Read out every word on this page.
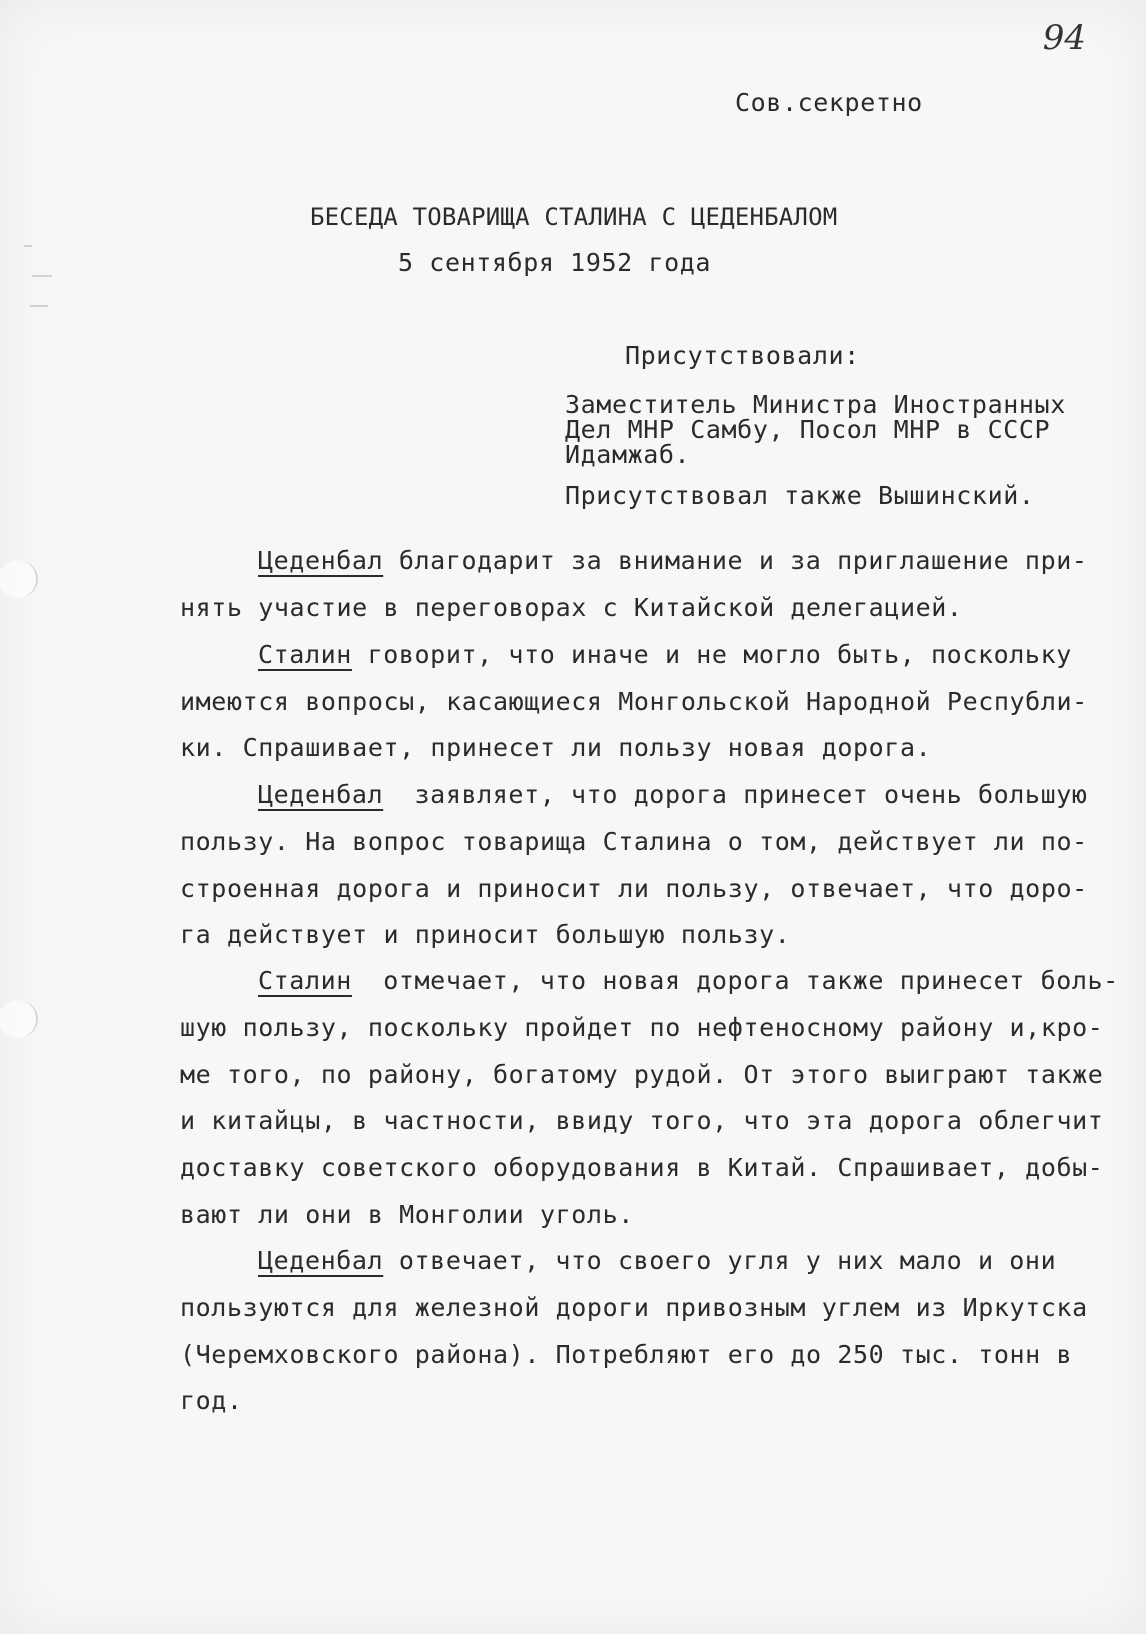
94

Сов.секретно

БЕСЕДА ТОВАРИЩА СТАЛИНА С ЦЕДЕНБАЛОМ

5 сентября 1952 года

Присутствовали:

Заместитель Министра Иностранных

Дел МНР Самбу, Посол МНР в СССР

Идамжаб.

Присутствовал также Вышинский.

Цеденбал благодарит за внимание и за приглашение при-

нять участие в переговорах с Китайской делегацией.

Сталин говорит, что иначе и не могло быть, поскольку

имеются вопросы, касающиеся Монгольской Народной Республи-

ки. Спрашивает, принесет ли пользу новая дорога.

Цеденбал  заявляет, что дорога принесет очень большую

пользу. На вопрос товарища Сталина о том, действует ли по-

строенная дорога и приносит ли пользу, отвечает, что доро-

га действует и приносит большую пользу.

Сталин  отмечает, что новая дорога также принесет боль-

шую пользу, поскольку пройдет по нефтеносному району и,кро-

ме того, по району, богатому рудой. От этого выиграют также

и китайцы, в частности, ввиду того, что эта дорога облегчит

доставку советского оборудования в Китай. Спрашивает, добы-

вают ли они в Монголии уголь.

Цеденбал отвечает, что своего угля у них мало и они

пользуются для железной дороги привозным углем из Иркутска

(Черемховского района). Потребляют его до 250 тыс. тонн в

год.
